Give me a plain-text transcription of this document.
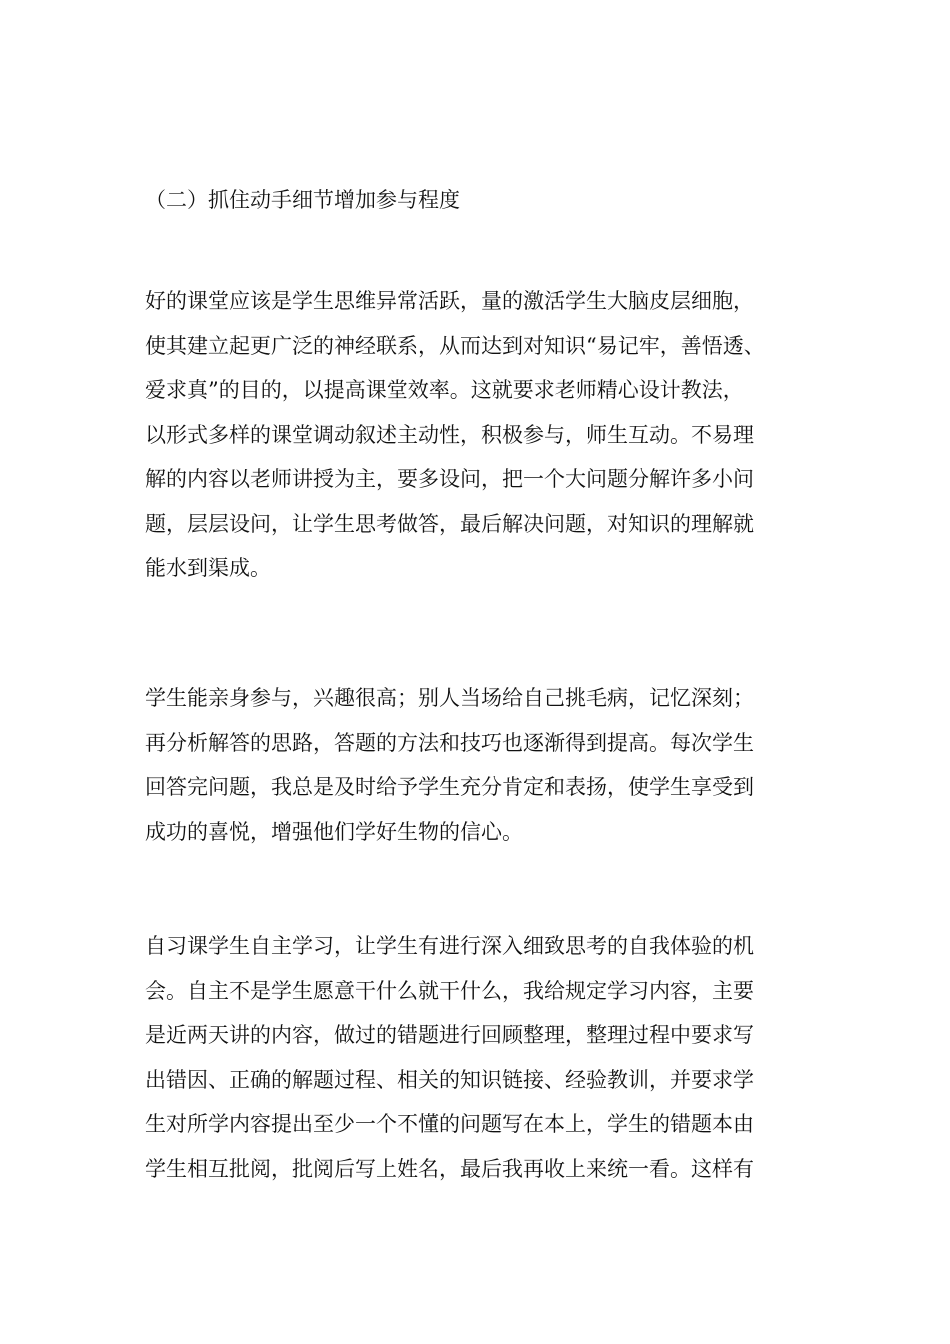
（二）抓住动手细节增加参与程度
好的课堂应该是学生思维异常活跃，量的激活学生大脑皮层细胞，
使其建立起更广泛的神经联系，从而达到对知识“易记牢，善悟透、
爱求真”的目的，以提高课堂效率。这就要求老师精心设计教法，
以形式多样的课堂调动叙述主动性，积极参与，师生互动。不易理
解的内容以老师讲授为主，要多设问，把一个大问题分解许多小问
题，层层设问，让学生思考做答，最后解决问题，对知识的理解就
能水到渠成。
学生能亲身参与，兴趣很高；别人当场给自己挑毛病，记忆深刻；
再分析解答的思路，答题的方法和技巧也逐渐得到提高。每次学生
回答完问题，我总是及时给予学生充分肯定和表扬，使学生享受到
成功的喜悦，增强他们学好生物的信心。
自习课学生自主学习，让学生有进行深入细致思考的自我体验的机
会。自主不是学生愿意干什么就干什么，我给规定学习内容，主要
是近两天讲的内容，做过的错题进行回顾整理，整理过程中要求写
出错因、正确的解题过程、相关的知识链接、经验教训，并要求学
生对所学内容提出至少一个不懂的问题写在本上，学生的错题本由
学生相互批阅，批阅后写上姓名，最后我再收上来统一看。这样有
